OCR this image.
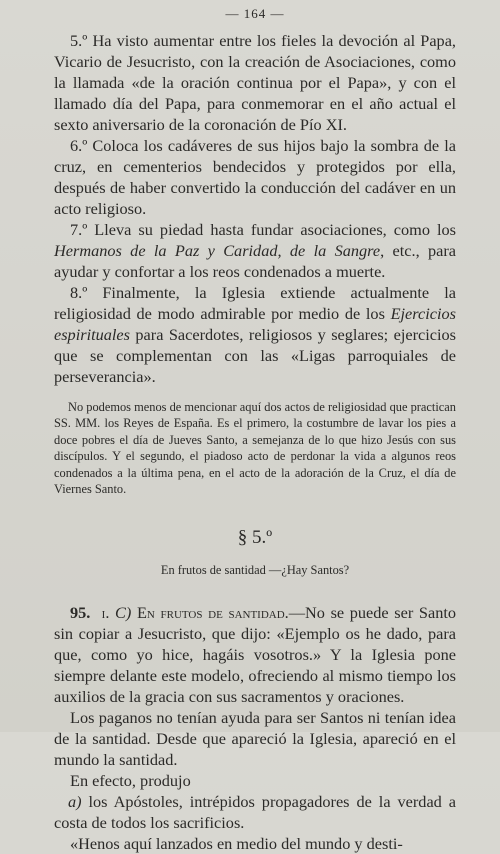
— 164 —

5.º Ha visto aumentar entre los fieles la devoción al Papa, Vicario de Jesucristo, con la creación de Asociaciones, como la llamada «de la oración continua por el Papa», y con el llamado día del Papa, para conmemorar en el año actual el sexto aniversario de la coronación de Pío XI.

6.º Coloca los cadáveres de sus hijos bajo la sombra de la cruz, en cementerios bendecidos y protegidos por ella, después de haber convertido la conducción del cadáver en un acto religioso.

7.º Lleva su piedad hasta fundar asociaciones, como los Hermanos de la Paz y Caridad, de la Sangre, etc., para ayudar y confortar a los reos condenados a muerte.

8.º Finalmente, la Iglesia extiende actualmente la religiosidad de modo admirable por medio de los Ejercicios espirituales para Sacerdotes, religiosos y seglares; ejercicios que se complementan con las «Ligas parroquiales de perseverancia».

No podemos menos de mencionar aquí dos actos de religiosidad que practican SS. MM. los Reyes de España. Es el primero, la costumbre de lavar los pies a doce pobres el día de Jueves Santo, a semejanza de lo que hizo Jesús con sus discípulos. Y el segundo, el piadoso acto de perdonar la vida a algunos reos condenados a la última pena, en el acto de la adoración de la Cruz, el día de Viernes Santo.

§ 5.º
En frutos de santidad —¿Hay Santos?

95. i. C) En frutos de santidad.—No se puede ser Santo sin copiar a Jesucristo, que dijo: «Ejemplo os he dado, para que, como yo hice, hagáis vosotros.» Y la Iglesia pone siempre delante este modelo, ofreciendo al mismo tiempo los auxilios de la gracia con sus sacramentos y oraciones.

Los paganos no tenían ayuda para ser Santos ni tenían idea de la santidad. Desde que apareció la Iglesia, apareció en el mundo la santidad.

En efecto, produjo

a) los Apóstoles, intrépidos propagadores de la verdad a costa de todos los sacrificios.

«Henos aquí lanzados en medio del mundo y desti-
